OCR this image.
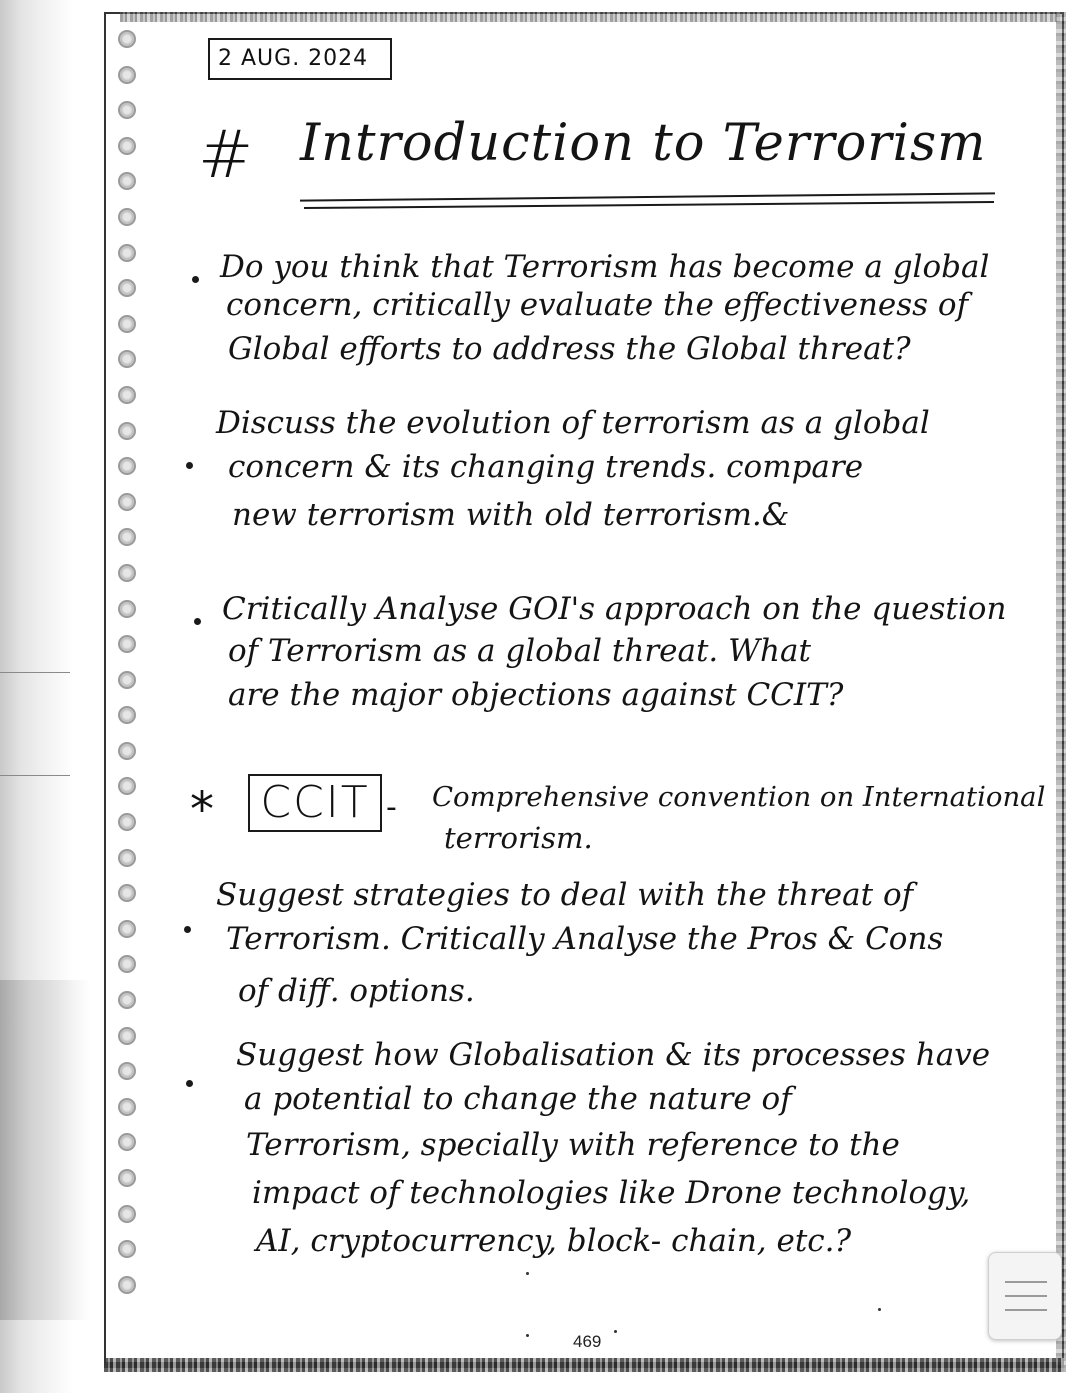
2 AUG. 2024
# Introduction to Terrorism
Do you think that Terrorism has become a global
concern, critically evaluate the effectiveness of
Global efforts to address the Global threat?
Discuss the evolution of terrorism as a global
concern & its changing trends. compare
new terrorism with old terrorism.&
Critically Analyse GOI's approach on the question
of Terrorism as a global threat. What
are the major objections against CCIT?
* CCIT - Comprehensive convention on International
terrorism.
Suggest strategies to deal with the threat of
Terrorism. Critically Analyse the Pros & Cons
of diff. options.
Suggest how Globalisation & its processes have
a potential to change the nature of
Terrorism, specially with reference to the
impact of technologies like Drone technology,
AI, cryptocurrency, block- chain, etc.?
469
